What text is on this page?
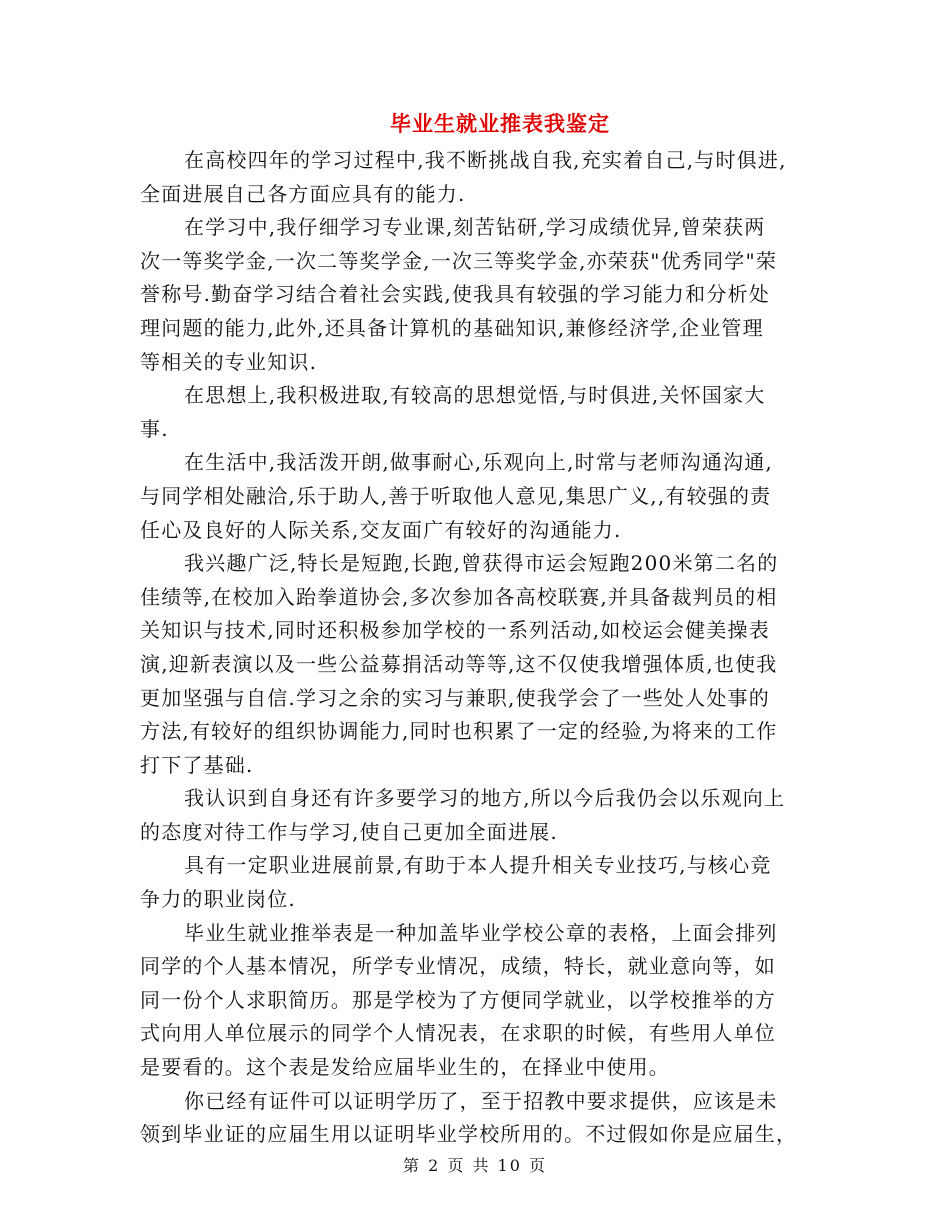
毕业生就业推表我鉴定
在高校四年的学习过程中,我不断挑战自我,充实着自己,与时俱进,
全面进展自己各方面应具有的能力.
在学习中,我仔细学习专业课,刻苦钻研,学习成绩优异,曾荣获两
次一等奖学金,一次二等奖学金,一次三等奖学金,亦荣获"优秀同学"荣
誉称号.勤奋学习结合着社会实践,使我具有较强的学习能力和分析处
理问题的能力,此外,还具备计算机的基础知识,兼修经济学,企业管理
等相关的专业知识.
在思想上,我积极进取,有较高的思想觉悟,与时俱进,关怀国家大
事.
在生活中,我活泼开朗,做事耐心,乐观向上,时常与老师沟通沟通,
与同学相处融洽,乐于助人,善于听取他人意见,集思广义,,有较强的责
任心及良好的人际关系,交友面广有较好的沟通能力.
我兴趣广泛,特长是短跑,长跑,曾获得市运会短跑200米第二名的
佳绩等,在校加入跆拳道协会,多次参加各高校联赛,并具备裁判员的相
关知识与技术,同时还积极参加学校的一系列活动,如校运会健美操表
演,迎新表演以及一些公益募捐活动等等,这不仅使我增强体质,也使我
更加坚强与自信.学习之余的实习与兼职,使我学会了一些处人处事的
方法,有较好的组织协调能力,同时也积累了一定的经验,为将来的工作
打下了基础.
我认识到自身还有许多要学习的地方,所以今后我仍会以乐观向上
的态度对待工作与学习,使自己更加全面进展.
具有一定职业进展前景,有助于本人提升相关专业技巧,与核心竞
争力的职业岗位.
毕业生就业推举表是一种加盖毕业学校公章的表格，上面会排列
同学的个人基本情况，所学专业情况，成绩，特长，就业意向等，如
同一份个人求职简历。那是学校为了方便同学就业，以学校推举的方
式向用人单位展示的同学个人情况表，在求职的时候，有些用人单位
是要看的。这个表是发给应届毕业生的，在择业中使用。
你已经有证件可以证明学历了，至于招教中要求提供，应该是未
领到毕业证的应届生用以证明毕业学校所用的。不过假如你是应届生，
第 2 页 共 10 页
